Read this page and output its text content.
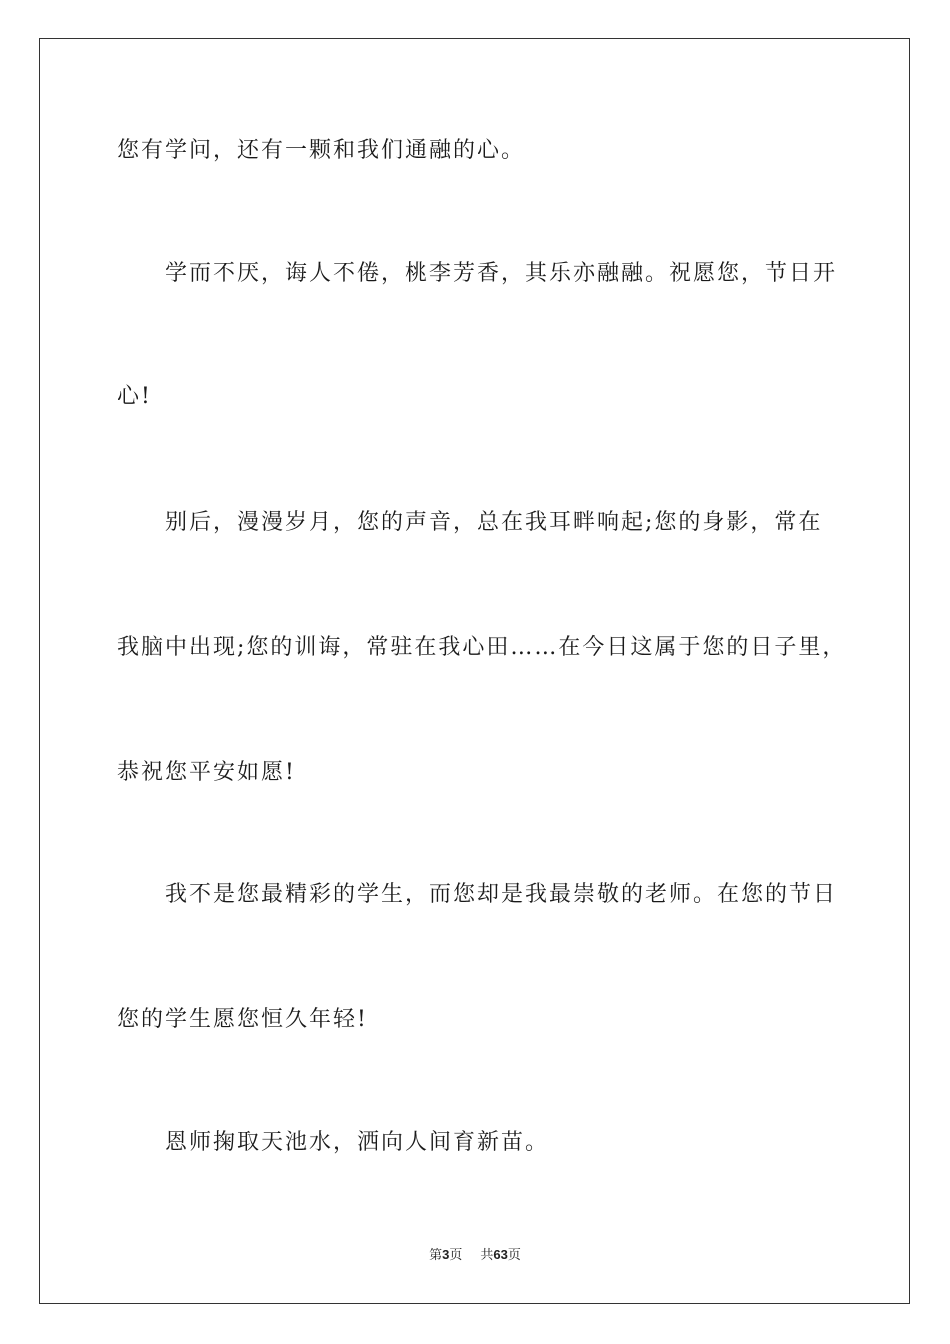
您有学问，还有一颗和我们通融的心。
学而不厌，诲人不倦，桃李芳香，其乐亦融融。祝愿您，节日开
心!
别后，漫漫岁月，您的声音，总在我耳畔响起;您的身影，常在
我脑中出现;您的训诲，常驻在我心田……在今日这属于您的日子里，
恭祝您平安如愿!
我不是您最精彩的学生，而您却是我最崇敬的老师。在您的节日
您的学生愿您恒久年轻!
恩师掬取天池水，洒向人间育新苗。
第3页 共63页
